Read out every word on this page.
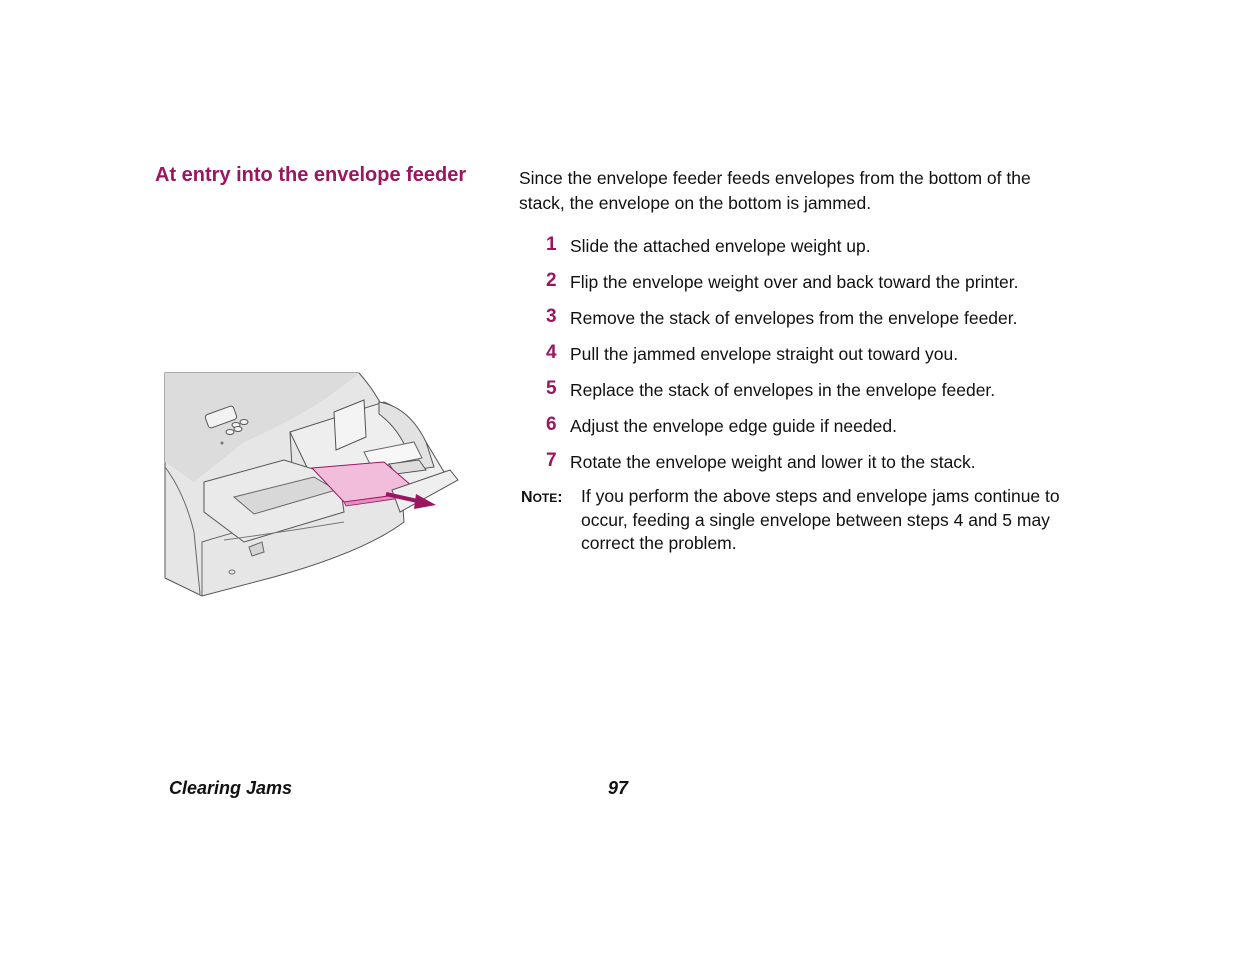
At entry into the envelope feeder	Since the envelope feeder feeds envelopes from the bottom of the stack, the envelope on the bottom is jammed.

1 Slide the attached envelope weight up.
2 Flip the envelope weight over and back toward the printer.
3 Remove the stack of envelopes from the envelope feeder.
4 Pull the jammed envelope straight out toward you.
5 Replace the stack of envelopes in the envelope feeder.
6 Adjust the envelope edge guide if needed.
7 Rotate the envelope weight and lower it to the stack.
NOTE: If you perform the above steps and envelope jams continue to occur, feeding a single envelope between steps 4 and 5 may correct the problem.
Clearing Jams	97
